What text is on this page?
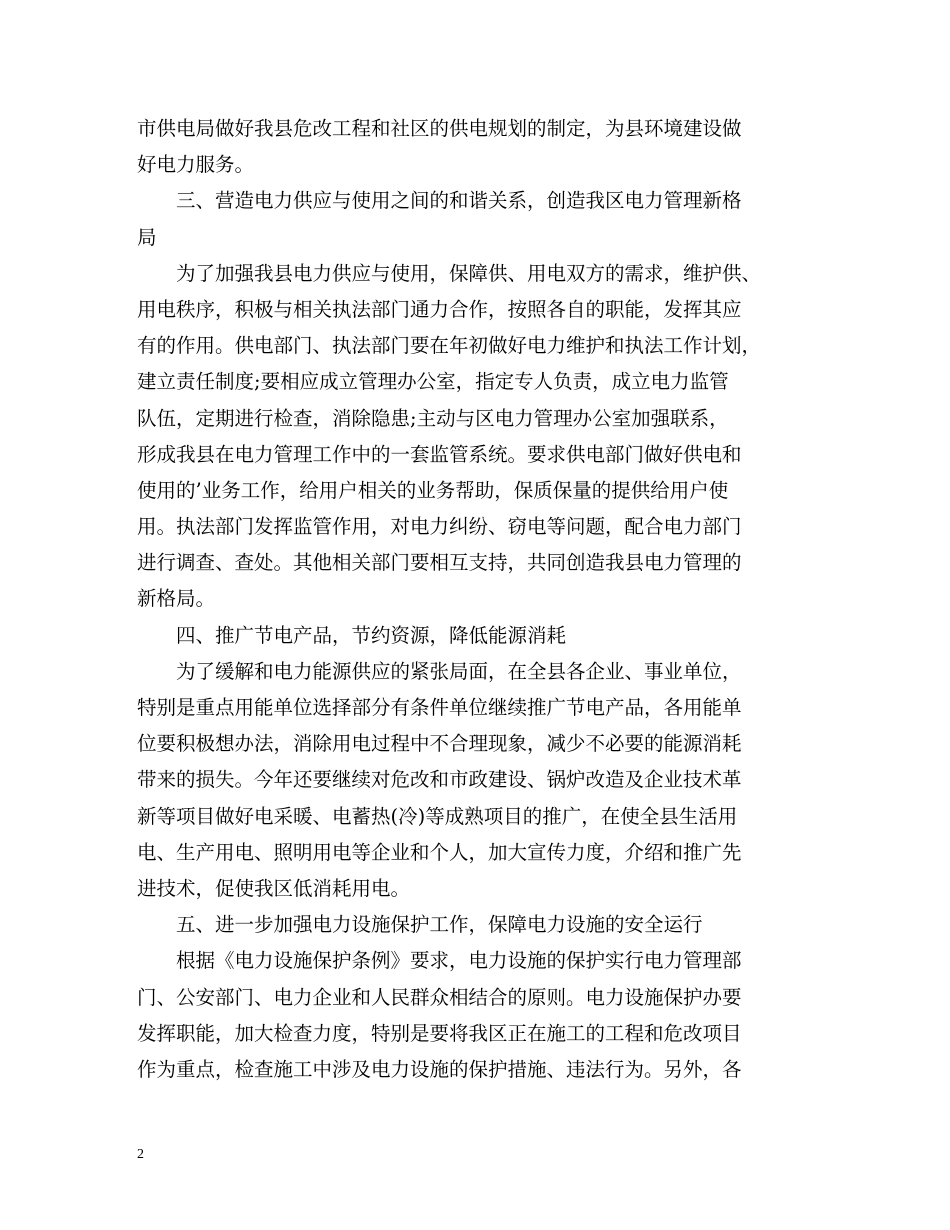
市供电局做好我县危改工程和社区的供电规划的制定，为县环境建设做
好电力服务。
三、营造电力供应与使用之间的和谐关系，创造我区电力管理新格
局
为了加强我县电力供应与使用，保障供、用电双方的需求，维护供、
用电秩序，积极与相关执法部门通力合作，按照各自的职能，发挥其应
有的作用。供电部门、执法部门要在年初做好电力维护和执法工作计划，
建立责任制度;要相应成立管理办公室，指定专人负责，成立电力监管
队伍，定期进行检查，消除隐患;主动与区电力管理办公室加强联系，
形成我县在电力管理工作中的一套监管系统。要求供电部门做好供电和
使用的’业务工作，给用户相关的业务帮助，保质保量的提供给用户使
用。执法部门发挥监管作用，对电力纠纷、窃电等问题，配合电力部门
进行调查、查处。其他相关部门要相互支持，共同创造我县电力管理的
新格局。
四、推广节电产品，节约资源，降低能源消耗
为了缓解和电力能源供应的紧张局面，在全县各企业、事业单位，
特别是重点用能单位选择部分有条件单位继续推广节电产品，各用能单
位要积极想办法，消除用电过程中不合理现象，减少不必要的能源消耗
带来的损失。今年还要继续对危改和市政建设、锅炉改造及企业技术革
新等项目做好电采暖、电蓄热(冷)等成熟项目的推广，在使全县生活用
电、生产用电、照明用电等企业和个人，加大宣传力度，介绍和推广先
进技术，促使我区低消耗用电。
五、进一步加强电力设施保护工作，保障电力设施的安全运行
根据《电力设施保护条例》要求，电力设施的保护实行电力管理部
门、公安部门、电力企业和人民群众相结合的原则。电力设施保护办要
发挥职能，加大检查力度，特别是要将我区正在施工的工程和危改项目
作为重点，检查施工中涉及电力设施的保护措施、违法行为。另外，各
2
